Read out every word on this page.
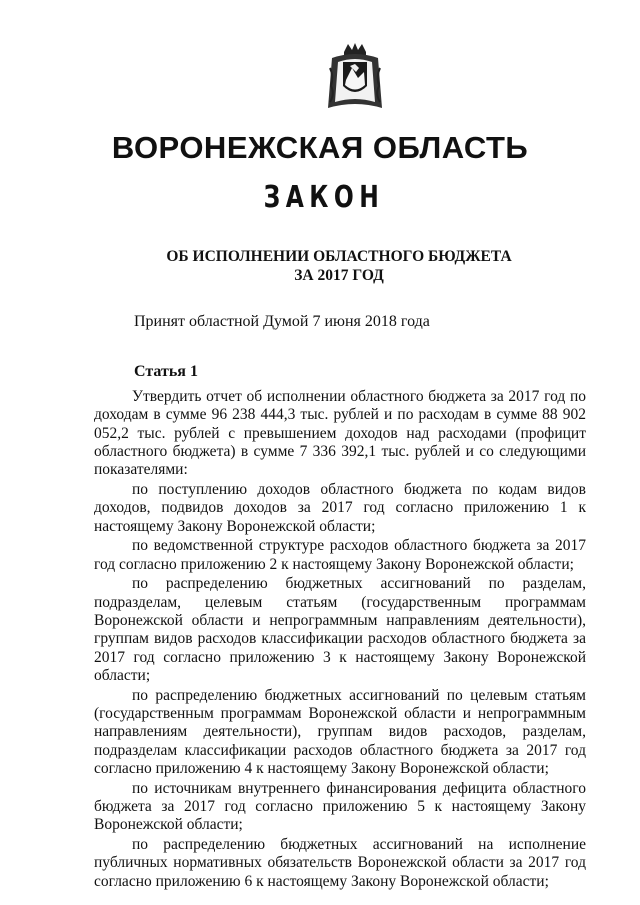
ВОРОНЕЖСКАЯ ОБЛАСТЬ
ЗАКОН
ОБ ИСПОЛНЕНИИ ОБЛАСТНОГО БЮДЖЕТА
ЗА 2017 ГОД
Принят областной Думой 7 июня 2018 года
Статья 1

Утвердить отчет об исполнении областного бюджета за 2017 год по доходам в сумме 96 238 444,3 тыс. рублей и по расходам в сумме 88 902 052,2 тыс. рублей с превышением доходов над расходами (профицит областного бюджета) в сумме 7 336 392,1 тыс. рублей и со следующими показателями:

по поступлению доходов областного бюджета по кодам видов доходов, подвидов доходов за 2017 год согласно приложению 1 к настоящему Закону Воронежской области;

по ведомственной структуре расходов областного бюджета за 2017 год согласно приложению 2 к настоящему Закону Воронежской области;

по распределению бюджетных ассигнований по разделам, подразделам, целевым статьям (государственным программам Воронежской области и непрограммным направлениям деятельности), группам видов расходов классификации расходов областного бюджета за 2017 год согласно приложению 3 к настоящему Закону Воронежской области;

по распределению бюджетных ассигнований по целевым статьям (государственным программам Воронежской области и непрограммным направлениям деятельности), группам видов расходов, разделам, подразделам классификации расходов областного бюджета за 2017 год согласно приложению 4 к настоящему Закону Воронежской области;

по источникам внутреннего финансирования дефицита областного бюджета за 2017 год согласно приложению 5 к настоящему Закону Воронежской области;

по распределению бюджетных ассигнований на исполнение публичных нормативных обязательств Воронежской области за 2017 год согласно приложению 6 к настоящему Закону Воронежской области;
